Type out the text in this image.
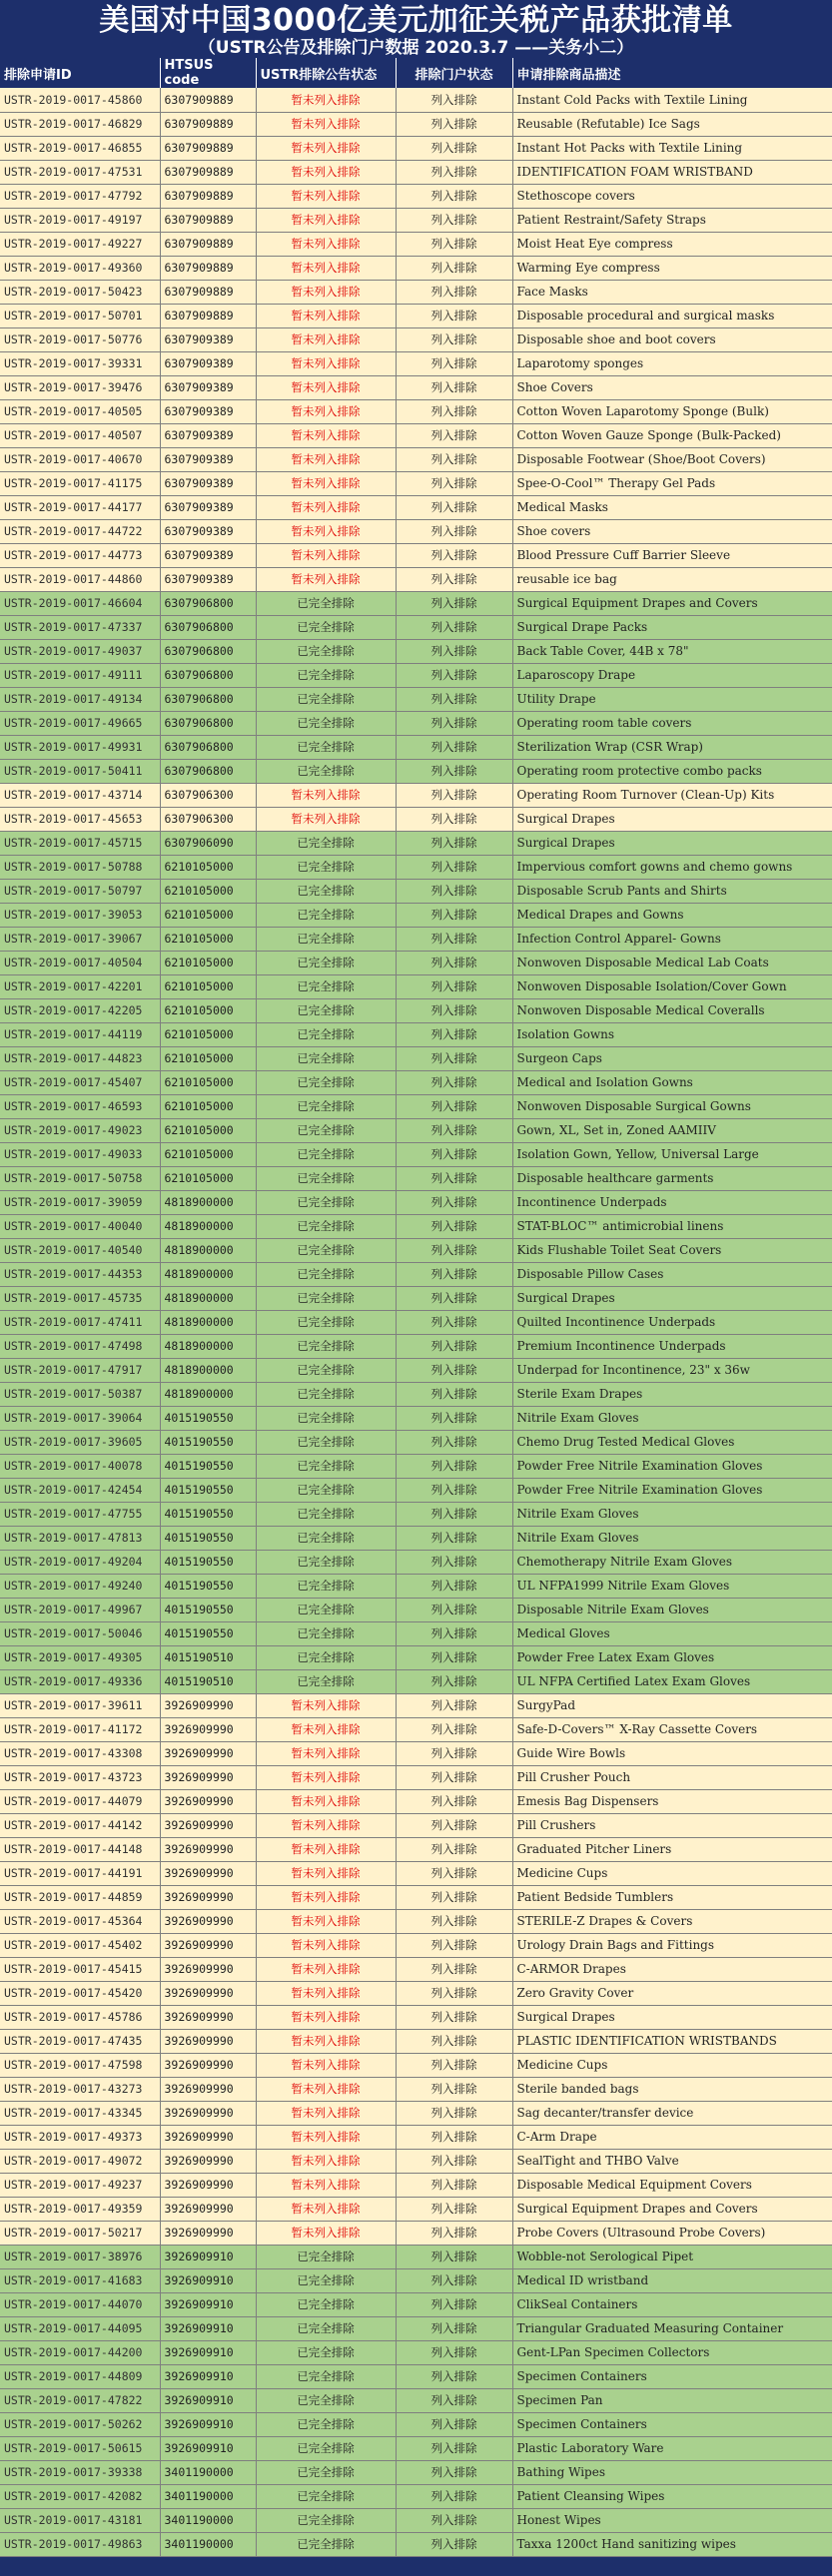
美国对中国3000亿美元加征关税产品获批清单
（USTR公告及排除门户数据 2020.3.7 ——关务小二）
排除申请ID	HTSUS code	USTR排除公告状态	排除门户状态	申请排除商品描述
USTR-2019-0017-45860	6307909889	暂未列入排除	列入排除	Instant Cold Packs with Textile Lining
USTR-2019-0017-46829	6307909889	暂未列入排除	列入排除	Reusable (Refutable) Ice Sags
USTR-2019-0017-46855	6307909889	暂未列入排除	列入排除	Instant Hot Packs with Textile Lining
USTR-2019-0017-47531	6307909889	暂未列入排除	列入排除	IDENTIFICATION FOAM WRISTBAND
USTR-2019-0017-47792	6307909889	暂未列入排除	列入排除	Stethoscope covers
USTR-2019-0017-49197	6307909889	暂未列入排除	列入排除	Patient Restraint/Safety Straps
USTR-2019-0017-49227	6307909889	暂未列入排除	列入排除	Moist Heat Eye compress
USTR-2019-0017-49360	6307909889	暂未列入排除	列入排除	Warming Eye compress
USTR-2019-0017-50423	6307909889	暂未列入排除	列入排除	Face Masks
USTR-2019-0017-50701	6307909889	暂未列入排除	列入排除	Disposable procedural and surgical masks
USTR-2019-0017-50776	6307909389	暂未列入排除	列入排除	Disposable shoe and boot covers
USTR-2019-0017-39331	6307909389	暂未列入排除	列入排除	Laparotomy sponges
USTR-2019-0017-39476	6307909389	暂未列入排除	列入排除	Shoe Covers
USTR-2019-0017-40505	6307909389	暂未列入排除	列入排除	Cotton Woven Laparotomy Sponge (Bulk)
USTR-2019-0017-40507	6307909389	暂未列入排除	列入排除	Cotton Woven Gauze Sponge (Bulk-Packed)
USTR-2019-0017-40670	6307909389	暂未列入排除	列入排除	Disposable Footwear (Shoe/Boot Covers)
USTR-2019-0017-41175	6307909389	暂未列入排除	列入排除	Spee-O-Cool™ Therapy Gel Pads
USTR-2019-0017-44177	6307909389	暂未列入排除	列入排除	Medical Masks
USTR-2019-0017-44722	6307909389	暂未列入排除	列入排除	Shoe covers
USTR-2019-0017-44773	6307909389	暂未列入排除	列入排除	Blood Pressure Cuff Barrier Sleeve
USTR-2019-0017-44860	6307909389	暂未列入排除	列入排除	reusable ice bag
USTR-2019-0017-46604	6307906800	已完全排除	列入排除	Surgical Equipment Drapes and Covers
USTR-2019-0017-47337	6307906800	已完全排除	列入排除	Surgical Drape Packs
USTR-2019-0017-49037	6307906800	已完全排除	列入排除	Back Table Cover, 44B x 78"
USTR-2019-0017-49111	6307906800	已完全排除	列入排除	Laparoscopy Drape
USTR-2019-0017-49134	6307906800	已完全排除	列入排除	Utility Drape
USTR-2019-0017-49665	6307906800	已完全排除	列入排除	Operating room table covers
USTR-2019-0017-49931	6307906800	已完全排除	列入排除	Sterilization Wrap (CSR Wrap)
USTR-2019-0017-50411	6307906800	已完全排除	列入排除	Operating room protective combo packs
USTR-2019-0017-43714	6307906300	暂未列入排除	列入排除	Operating Room Turnover (Clean-Up) Kits
USTR-2019-0017-45653	6307906300	暂未列入排除	列入排除	Surgical Drapes
USTR-2019-0017-45715	6307906090	已完全排除	列入排除	Surgical Drapes
USTR-2019-0017-50788	6210105000	已完全排除	列入排除	Impervious comfort gowns and chemo gowns
USTR-2019-0017-50797	6210105000	已完全排除	列入排除	Disposable Scrub Pants and Shirts
USTR-2019-0017-39053	6210105000	已完全排除	列入排除	Medical Drapes and Gowns
USTR-2019-0017-39067	6210105000	已完全排除	列入排除	Infection Control Apparel- Gowns
USTR-2019-0017-40504	6210105000	已完全排除	列入排除	Nonwoven Disposable Medical Lab Coats
USTR-2019-0017-42201	6210105000	已完全排除	列入排除	Nonwoven Disposable Isolation/Cover Gown
USTR-2019-0017-42205	6210105000	已完全排除	列入排除	Nonwoven Disposable Medical Coveralls
USTR-2019-0017-44119	6210105000	已完全排除	列入排除	Isolation Gowns
USTR-2019-0017-44823	6210105000	已完全排除	列入排除	Surgeon Caps
USTR-2019-0017-45407	6210105000	已完全排除	列入排除	Medical and Isolation Gowns
USTR-2019-0017-46593	6210105000	已完全排除	列入排除	Nonwoven Disposable Surgical Gowns
USTR-2019-0017-49023	6210105000	已完全排除	列入排除	Gown, XL, Set in, Zoned AAMIIV
USTR-2019-0017-49033	6210105000	已完全排除	列入排除	Isolation Gown, Yellow, Universal Large
USTR-2019-0017-50758	6210105000	已完全排除	列入排除	Disposable healthcare garments
USTR-2019-0017-39059	4818900000	已完全排除	列入排除	Incontinence Underpads
USTR-2019-0017-40040	4818900000	已完全排除	列入排除	STAT-BLOC™ antimicrobial linens
USTR-2019-0017-40540	4818900000	已完全排除	列入排除	Kids Flushable Toilet Seat Covers
USTR-2019-0017-44353	4818900000	已完全排除	列入排除	Disposable Pillow Cases
USTR-2019-0017-45735	4818900000	已完全排除	列入排除	Surgical Drapes
USTR-2019-0017-47411	4818900000	已完全排除	列入排除	Quilted Incontinence Underpads
USTR-2019-0017-47498	4818900000	已完全排除	列入排除	Premium Incontinence Underpads
USTR-2019-0017-47917	4818900000	已完全排除	列入排除	Underpad for Incontinence, 23" x 36w
USTR-2019-0017-50387	4818900000	已完全排除	列入排除	Sterile Exam Drapes
USTR-2019-0017-39064	4015190550	已完全排除	列入排除	Nitrile Exam Gloves
USTR-2019-0017-39605	4015190550	已完全排除	列入排除	Chemo Drug Tested Medical Gloves
USTR-2019-0017-40078	4015190550	已完全排除	列入排除	Powder Free Nitrile Examination Gloves
USTR-2019-0017-42454	4015190550	已完全排除	列入排除	Powder Free Nitrile Examination Gloves
USTR-2019-0017-47755	4015190550	已完全排除	列入排除	Nitrile Exam Gloves
USTR-2019-0017-47813	4015190550	已完全排除	列入排除	Nitrile Exam Gloves
USTR-2019-0017-49204	4015190550	已完全排除	列入排除	Chemotherapy Nitrile Exam Gloves
USTR-2019-0017-49240	4015190550	已完全排除	列入排除	UL NFPA1999 Nitrile Exam Gloves
USTR-2019-0017-49967	4015190550	已完全排除	列入排除	Disposable Nitrile Exam Gloves
USTR-2019-0017-50046	4015190550	已完全排除	列入排除	Medical Gloves
USTR-2019-0017-49305	4015190510	已完全排除	列入排除	Powder Free Latex Exam Gloves
USTR-2019-0017-49336	4015190510	已完全排除	列入排除	UL NFPA Certified Latex Exam Gloves
USTR-2019-0017-39611	3926909990	暂未列入排除	列入排除	SurgyPad
USTR-2019-0017-41172	3926909990	暂未列入排除	列入排除	Safe-D-Covers™ X-Ray Cassette Covers
USTR-2019-0017-43308	3926909990	暂未列入排除	列入排除	Guide Wire Bowls
USTR-2019-0017-43723	3926909990	暂未列入排除	列入排除	Pill Crusher Pouch
USTR-2019-0017-44079	3926909990	暂未列入排除	列入排除	Emesis Bag Dispensers
USTR-2019-0017-44142	3926909990	暂未列入排除	列入排除	Pill Crushers
USTR-2019-0017-44148	3926909990	暂未列入排除	列入排除	Graduated Pitcher Liners
USTR-2019-0017-44191	3926909990	暂未列入排除	列入排除	Medicine Cups
USTR-2019-0017-44859	3926909990	暂未列入排除	列入排除	Patient Bedside Tumblers
USTR-2019-0017-45364	3926909990	暂未列入排除	列入排除	STERILE-Z Drapes & Covers
USTR-2019-0017-45402	3926909990	暂未列入排除	列入排除	Urology Drain Bags and Fittings
USTR-2019-0017-45415	3926909990	暂未列入排除	列入排除	C-ARMOR Drapes
USTR-2019-0017-45420	3926909990	暂未列入排除	列入排除	Zero Gravity Cover
USTR-2019-0017-45786	3926909990	暂未列入排除	列入排除	Surgical Drapes
USTR-2019-0017-47435	3926909990	暂未列入排除	列入排除	PLASTIC IDENTIFICATION WRISTBANDS
USTR-2019-0017-47598	3926909990	暂未列入排除	列入排除	Medicine Cups
USTR-2019-0017-43273	3926909990	暂未列入排除	列入排除	Sterile banded bags
USTR-2019-0017-43345	3926909990	暂未列入排除	列入排除	Sag decanter/transfer device
USTR-2019-0017-49373	3926909990	暂未列入排除	列入排除	C-Arm Drape
USTR-2019-0017-49072	3926909990	暂未列入排除	列入排除	SealTight and THBO Valve
USTR-2019-0017-49237	3926909990	暂未列入排除	列入排除	Disposable Medical Equipment Covers
USTR-2019-0017-49359	3926909990	暂未列入排除	列入排除	Surgical Equipment Drapes and Covers
USTR-2019-0017-50217	3926909990	暂未列入排除	列入排除	Probe Covers (Ultrasound Probe Covers)
USTR-2019-0017-38976	3926909910	已完全排除	列入排除	Wobble-not Serological Pipet
USTR-2019-0017-41683	3926909910	已完全排除	列入排除	Medical ID wristband
USTR-2019-0017-44070	3926909910	已完全排除	列入排除	ClikSeal Containers
USTR-2019-0017-44095	3926909910	已完全排除	列入排除	Triangular Graduated Measuring Container
USTR-2019-0017-44200	3926909910	已完全排除	列入排除	Gent-LPan Specimen Collectors
USTR-2019-0017-44809	3926909910	已完全排除	列入排除	Specimen Containers
USTR-2019-0017-47822	3926909910	已完全排除	列入排除	Specimen Pan
USTR-2019-0017-50262	3926909910	已完全排除	列入排除	Specimen Containers
USTR-2019-0017-50615	3926909910	已完全排除	列入排除	Plastic Laboratory Ware
USTR-2019-0017-39338	3401190000	已完全排除	列入排除	Bathing Wipes
USTR-2019-0017-42082	3401190000	已完全排除	列入排除	Patient Cleansing Wipes
USTR-2019-0017-43181	3401190000	已完全排除	列入排除	Honest Wipes
USTR-2019-0017-49863	3401190000	已完全排除	列入排除	Taxxa 1200ct Hand sanitizing wipes
